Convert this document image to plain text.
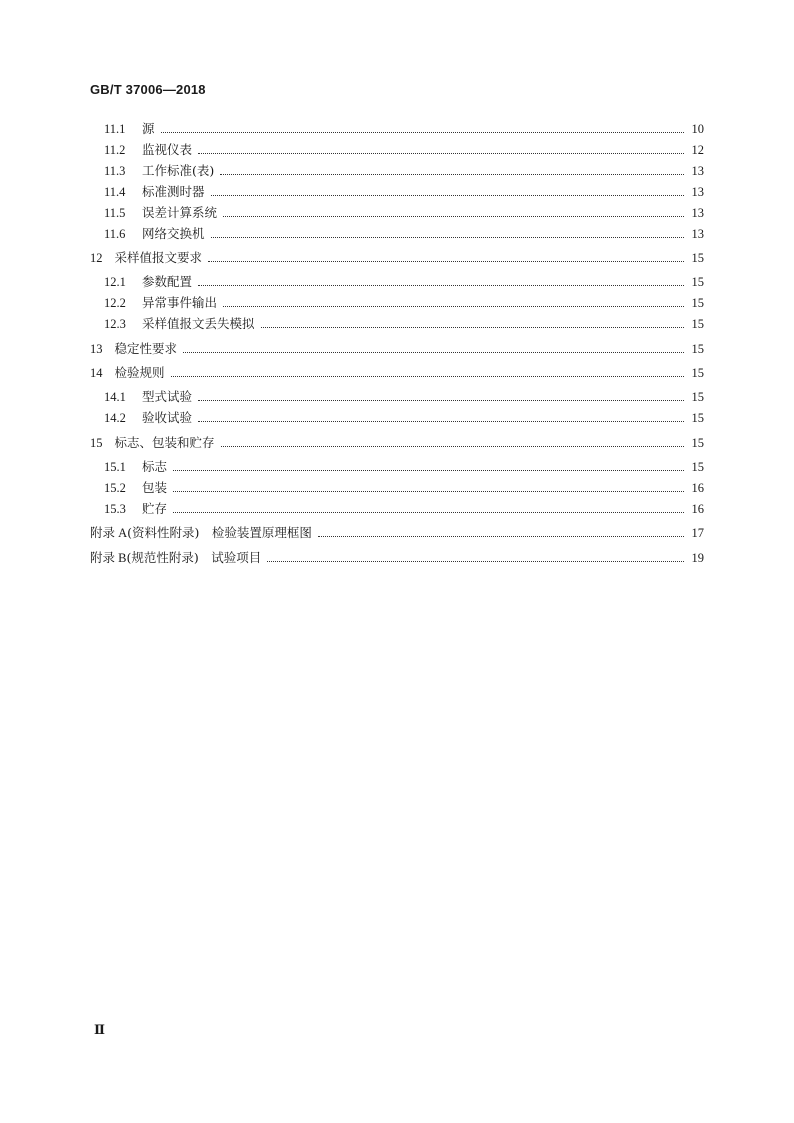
GB/T 37006—2018
11.1	源	10
11.2	监视仪表	12
11.3	工作标准(表)	13
11.4	标准测时器	13
11.5	误差计算系统	13
11.6	网络交换机	13
12 采样值报文要求	15
12.1	参数配置	15
12.2	异常事件输出	15
12.3	采样值报文丢失模拟	15
13 稳定性要求	15
14 检验规则	15
14.1	型式试验	15
14.2	验收试验	15
15 标志、包装和贮存	15
15.1	标志	15
15.2	包装	16
15.3	贮存	16
附录 A (资料性附录)　检验装置原理框图	17
附录 B (规范性附录)　试验项目	19
Ⅱ
